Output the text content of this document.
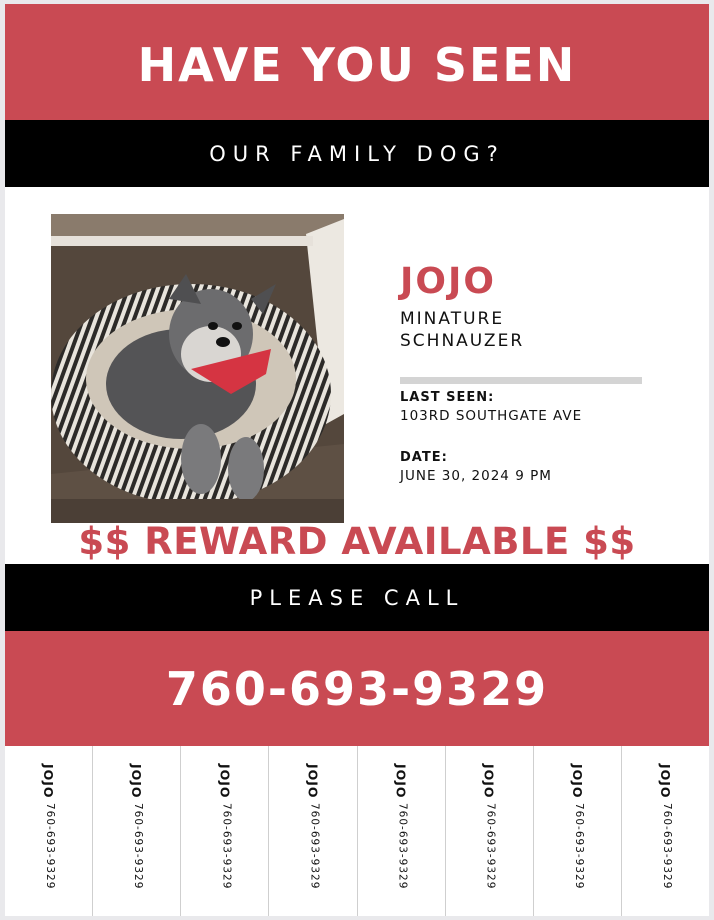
HAVE YOU SEEN
OUR FAMILY DOG?
JOJO
MINATURE
SCHNAUZER
LAST SEEN:
103RD SOUTHGATE AVE
DATE:
JUNE 30, 2024 9 PM
$$ REWARD AVAILABLE $$
PLEASE CALL
760-693-9329
JOJO
760-693-9329
JOJO
760-693-9329
JOJO
760-693-9329
JOJO
760-693-9329
JOJO
760-693-9329
JOJO
760-693-9329
JOJO
760-693-9329
JOJO
760-693-9329
